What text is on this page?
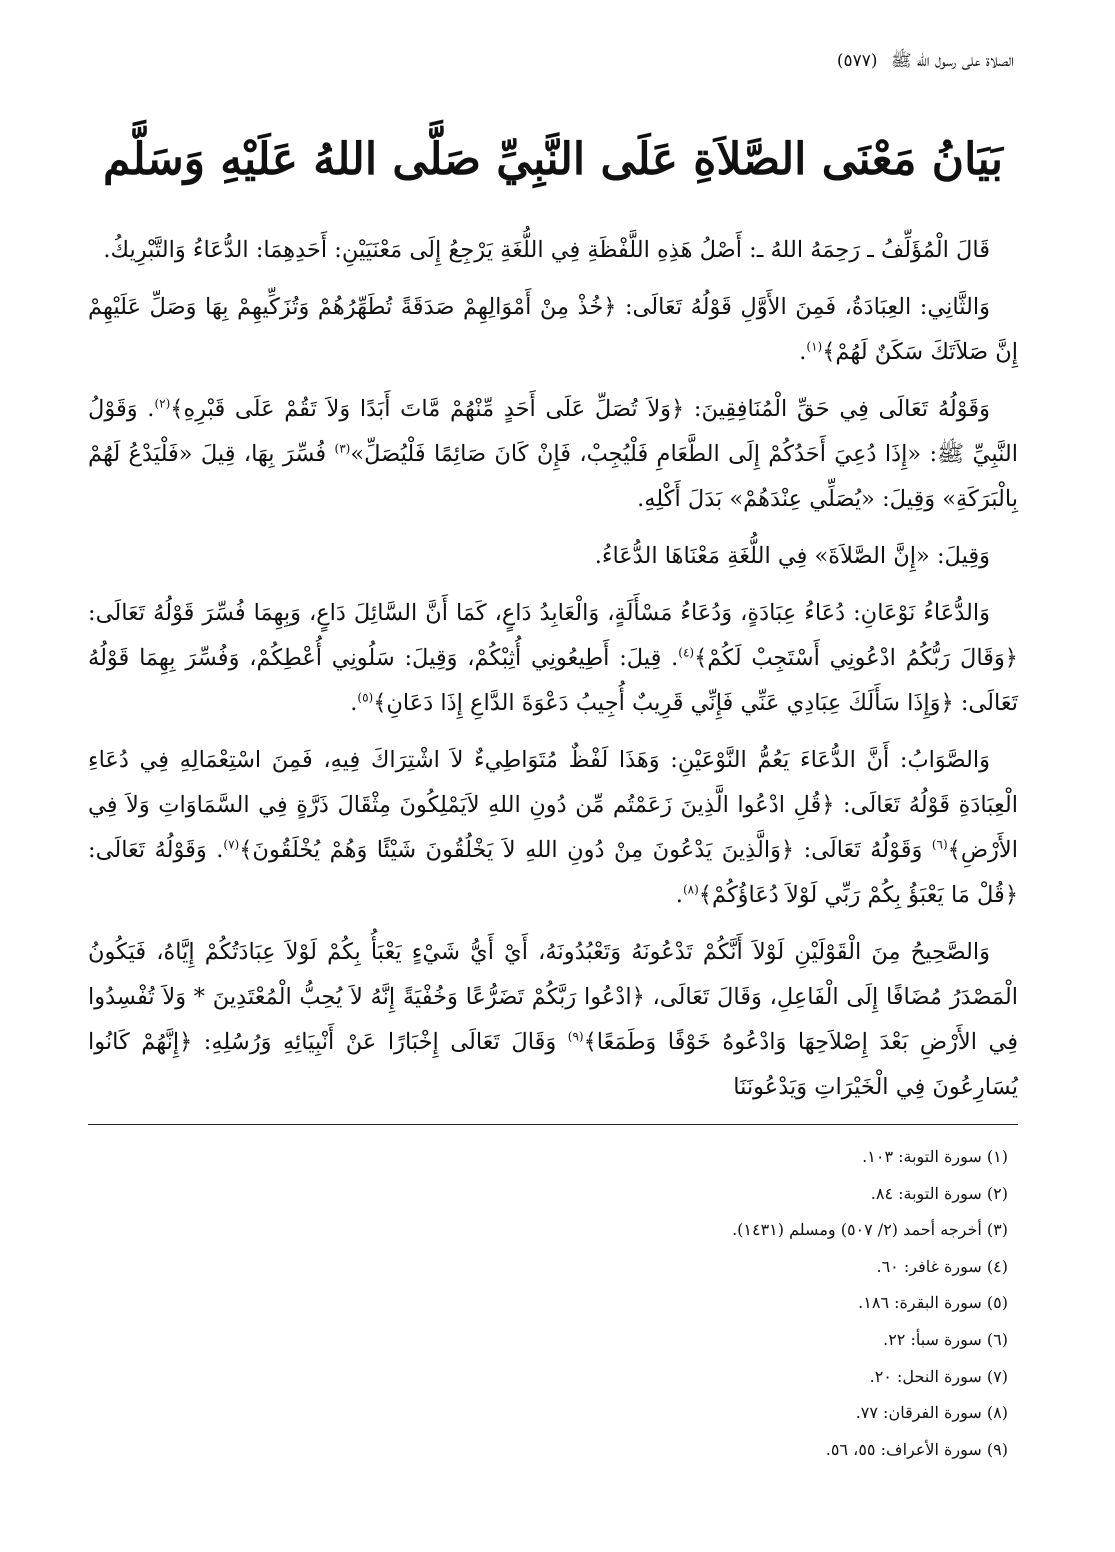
الصلاة على رسول الله ﷺ (٥٧٧)
بَيَانُ مَعْنَى الصَّلاَةِ عَلَى النَّبِيِّ صَلَّى اللهُ عَلَيْهِ وَسَلَّم

قَالَ الْمُؤَلِّفُ ـ رَحِمَهُ اللهُ ـ: أَصْلُ هَذِهِ اللَّفْظَةِ فِي اللُّغَةِ يَرْجِعُ إِلَى مَعْنَيَيْنِ: أَحَدِهِمَا: الدُّعَاءُ وَالتَّبْرِيكُ.

وَالثَّانِي: العِبَادَةُ، فَمِنَ الأَوَّلِ قَوْلُهُ تَعَالَى: ﴿خُذْ مِنْ أَمْوَالِهِمْ صَدَقَةً تُطَهِّرُهُمْ وَتُزَكِّيهِمْ بِهَا وَصَلِّ عَلَيْهِمْ إِنَّ صَلاَتَكَ سَكَنٌ لَهُمْ﴾$^{(١)}$.

وَقَوْلُهُ تَعَالَى فِي حَقِّ الْمُنَافِقِينَ: ﴿وَلاَ تُصَلِّ عَلَى أَحَدٍ مِّنْهُمْ مَّاتَ أَبَدًا وَلاَ تَقُمْ عَلَى قَبْرِهِ﴾$^{(٢)}$. وَقَوْلُ النَّبِيِّ ﷺ: «إِذَا دُعِيَ أَحَدُكُمْ إِلَى الطَّعَامِ فَلْيُجِبْ، فَإِنْ كَانَ صَائِمًا فَلْيُصَلِّ»$^{(٣)}$ فُسِّرَ بِهَا، قِيلَ «فَلْيَدْعُ لَهُمْ بِالْبَرَكَةِ» وَقِيلَ: «يُصَلِّي عِنْدَهُمْ» بَدَلَ أَكْلِهِ.

وَقِيلَ: «إِنَّ الصَّلاَةَ» فِي اللُّغَةِ مَعْنَاهَا الدُّعَاءُ.

وَالدُّعَاءُ نَوْعَانِ: دُعَاءُ عِبَادَةٍ، وَدُعَاءُ مَسْأَلَةٍ، وَالْعَابِدُ دَاعٍ، كَمَا أَنَّ السَّائِلَ دَاعٍ، وَبِهِمَا فُسِّرَ قَوْلُهُ تَعَالَى: ﴿وَقَالَ رَبُّكُمُ ادْعُونِي أَسْتَجِبْ لَكُمْ﴾$^{(٤)}$. قِيلَ: أَطِيعُونِي أُثِبْكُمْ، وَقِيلَ: سَلُونِي أُعْطِكُمْ، وَفُسِّرَ بِهِمَا قَوْلُهُ تَعَالَى: ﴿وَإِذَا سَأَلَكَ عِبَادِي عَنِّي فَإِنِّي قَرِيبٌ أُجِيبُ دَعْوَةَ الدَّاعِ إِذَا دَعَانِ﴾$^{(٥)}$.

وَالصَّوَابُ: أَنَّ الدُّعَاءَ يَعُمُّ النَّوْعَيْنِ: وَهَذَا لَفْظٌ مُتَوَاطِيءٌ لاَ اشْتِرَاكَ فِيهِ، فَمِنَ اسْتِعْمَالِهِ فِي دُعَاءِ الْعِبَادَةِ قَوْلُهُ تَعَالَى: ﴿قُلِ ادْعُوا الَّذِينَ زَعَمْتُم مِّن دُونِ اللهِ لاَيَمْلِكُونَ مِثْقَالَ ذَرَّةٍ فِي السَّمَاوَاتِ وَلاَ فِي الأَرْضِ﴾$^{(٦)}$ وَقَوْلُهُ تَعَالَى: ﴿وَالَّذِينَ يَدْعُونَ مِنْ دُونِ اللهِ لاَ يَخْلُقُونَ شَيْئًا وَهُمْ يُخْلَقُونَ﴾$^{(٧)}$. وَقَوْلُهُ تَعَالَى: ﴿قُلْ مَا يَعْبَؤُ بِكُمْ رَبِّي لَوْلاَ دُعَاؤُكُمْ﴾$^{(٨)}$.

وَالصَّحِيحُ مِنَ الْقَوْلَيْنِ لَوْلاَ أَنَّكُمْ تَدْعُونَهُ وَتَعْبُدُونَهُ، أَيْ أَيُّ شَيْءٍ يَعْبَأُ بِكُمْ لَوْلاَ عِبَادَتُكُمْ إِيَّاهُ، فَيَكُونُ الْمَصْدَرُ مُضَافًا إِلَى الْفَاعِلِ، وَقَالَ تَعَالَى، ﴿ادْعُوا رَبَّكُمْ تَضَرُّعًا وَخُفْيَةً إِنَّهُ لاَ يُحِبُّ الْمُعْتَدِينَ * وَلاَ تُفْسِدُوا فِي الأَرْضِ بَعْدَ إِصْلاَحِهَا وَادْعُوهُ خَوْفًا وَطَمَعًا﴾$^{(٩)}$ وَقَالَ تَعَالَى إِخْبَارًا عَنْ أَنْبِيَائِهِ وَرُسُلِهِ: ﴿إِنَّهُمْ كَانُوا يُسَارِعُونَ فِي الْخَيْرَاتِ وَيَدْعُونَنَا

(١) سورة التوبة: ١٠٣.
(٢) سورة التوبة: ٨٤.
(٣) أخرجه أحمد (٢/ ٥٠٧) ومسلم (١٤٣١).
(٤) سورة غافر: ٦٠.
(٥) سورة البقرة: ١٨٦.
(٦) سورة سبأ: ٢٢.
(٧) سورة النحل: ٢٠.
(٨) سورة الفرقان: ٧٧.
(٩) سورة الأعراف: ٥٥، ٥٦.
